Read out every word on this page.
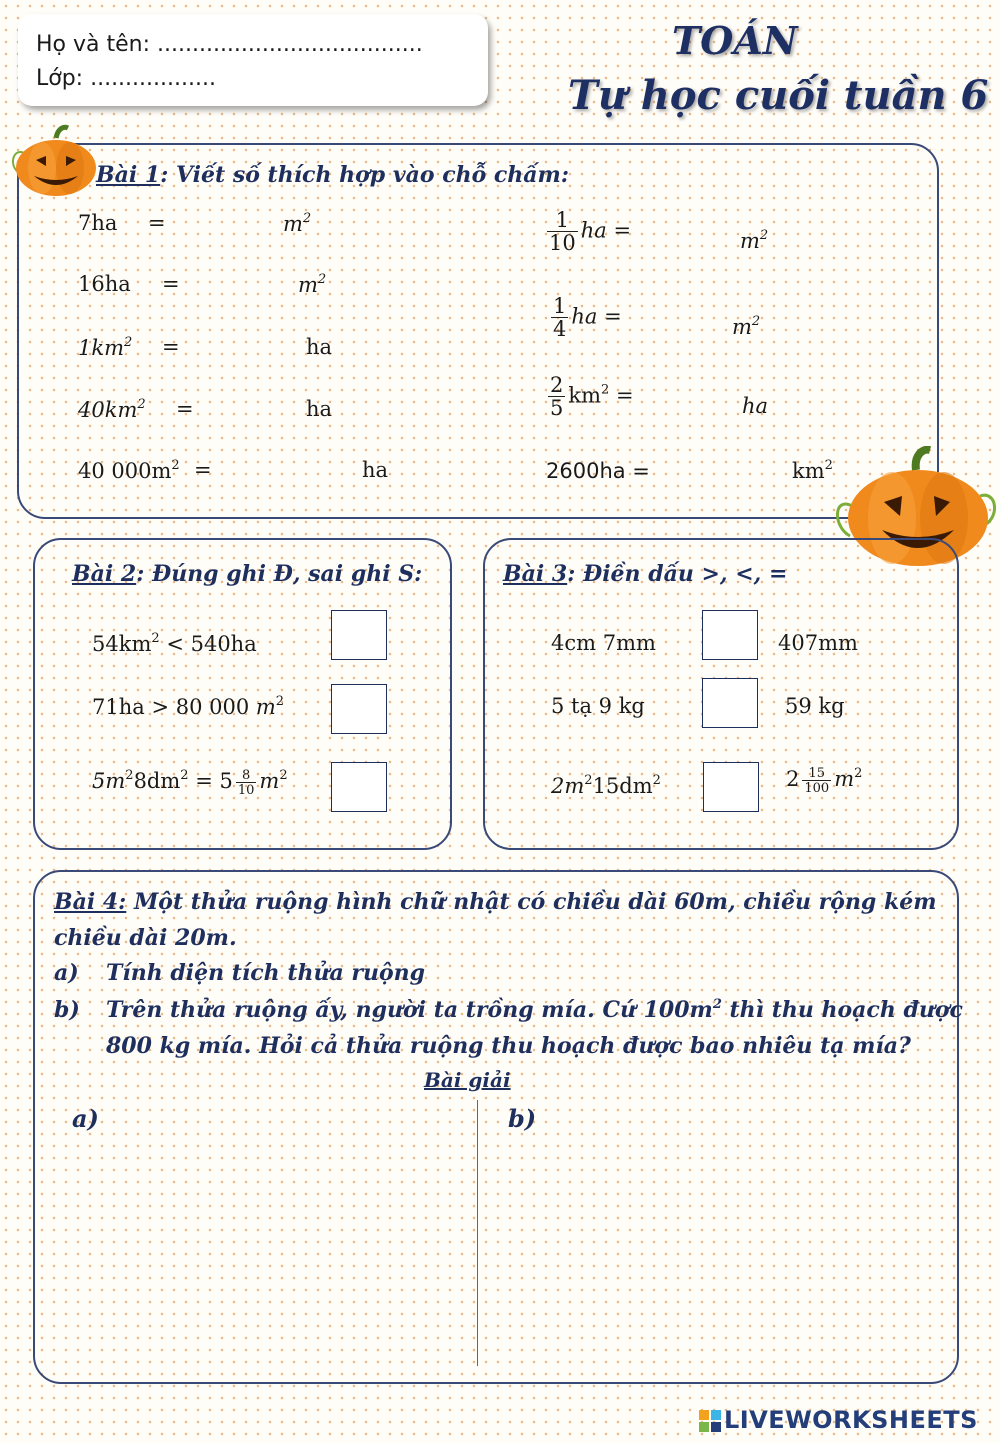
Họ và tên: ......................................
Lớp: ..................
TOÁN
Tự học cuối tuần 6
Bài 1: Viết số thích hợp vào chỗ chấm:
7ha =	$m^2$
16ha =	$m^2$
$1km^2$ =	ha
$40km^2$ =	ha
40 $000m^2$ =	ha
$\frac{1}{10}$ ha =	$m^2$
$\frac{1}{4}$ ha =	$m^2$
$\frac{2}{5} km^2$ =	ha
2600ha =	$km^2$
Bài 2: Đúng ghi Đ, sai ghi S:
$54km^2 < 540ha$
71ha > 80 000 $m^2$
$5m^28dm^2 = 5 \frac{8}{10} m^2$
Bài 3: Điền dấu >, <, =
4cm 7mm	407mm
5 tạ 9 kg	59 kg
$2m^215dm^2$	$2 \frac{15}{100} m^2$
Bài 4: Một thửa ruộng hình chữ nhật có chiều dài 60m, chiều rộng kém
chiều dài 20m.
a) Tính diện tích thửa ruộng
b) Trên thửa ruộng ấy, người ta trồng mía. Cứ $100m^2$ thì thu hoạch được
800 kg mía. Hỏi cả thửa ruộng thu hoạch được bao nhiêu tạ mía?
Bài giải
a)	b)
LIVEWORKSHEETS
